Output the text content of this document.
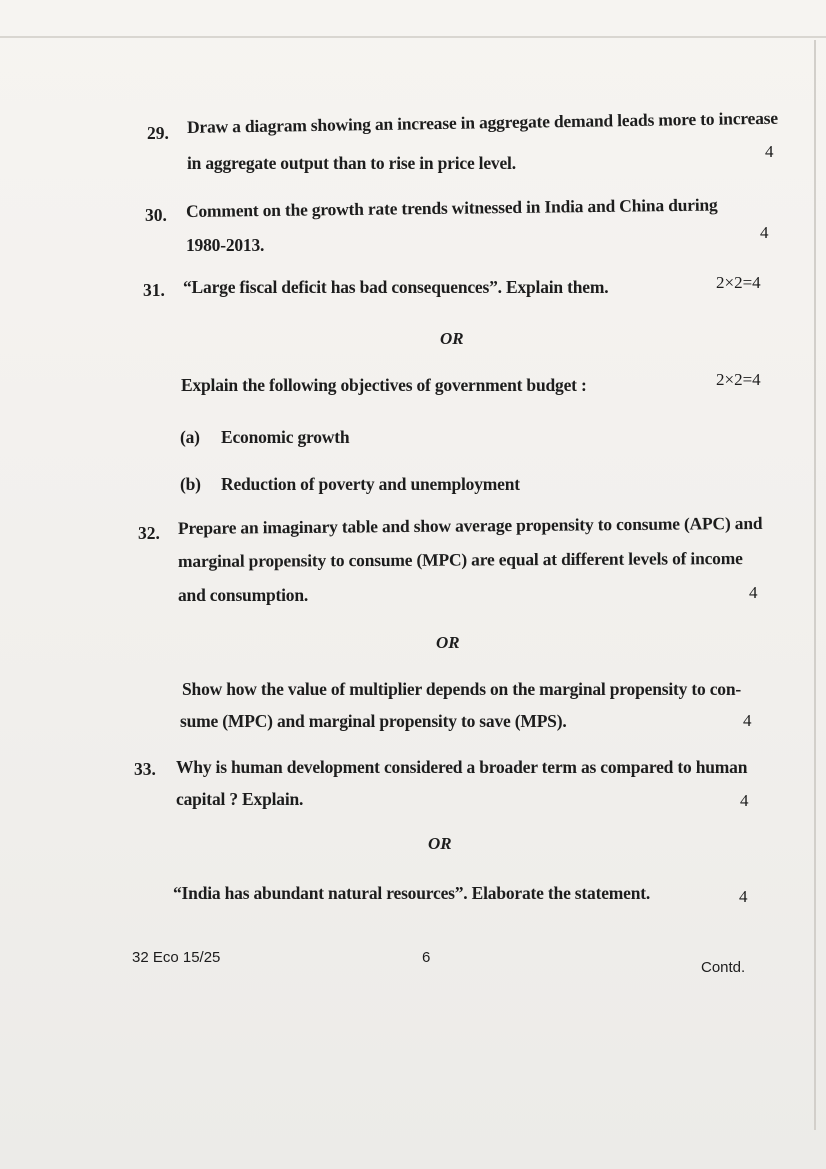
29. Draw a diagram showing an increase in aggregate demand leads more to increase
in aggregate output than to rise in price level.
4
30. Comment on the growth rate trends witnessed in India and China during
1980-2013.
4
31. “Large fiscal deficit has bad consequences”. Explain them.	2×2=4
OR
Explain the following objectives of government budget :	2×2=4
(a) Economic growth
(b) Reduction of poverty and unemployment
32. Prepare an imaginary table and show average propensity to consume (APC) and
marginal propensity to consume (MPC) are equal at different levels of income
and consumption.	4
OR
Show how the value of multiplier depends on the marginal propensity to con-
sume (MPC) and marginal propensity to save (MPS).	4
33. Why is human development considered a broader term as compared to human
capital ? Explain.	4
OR
“India has abundant natural resources”. Elaborate the statement.	4
32 Eco 15/25	6
Contd.
